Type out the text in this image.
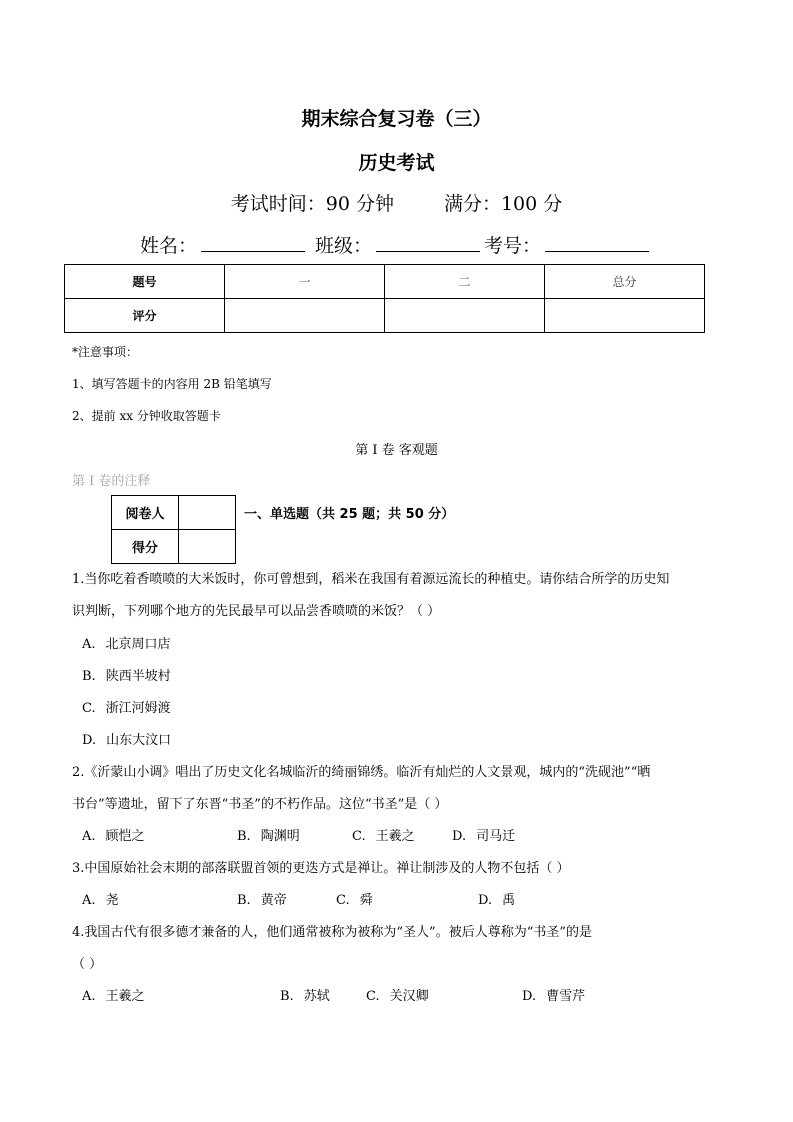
期末综合复习卷（三）
历史考试
考试时间：90 分钟	满分：100 分
姓名：	班级：	考号：
题号	一	二	总分
评分			
*注意事项：
1、填写答题卡的内容用 2B 铅笔填写
2、提前 xx 分钟收取答题卡
第 I 卷 客观题
第 I 卷的注释
阅卷人	
得分	
一、单选题（共 25 题；共 50 分）
1.当你吃着香喷喷的大米饭时，你可曾想到，稻米在我国有着源远流长的种植史。请你结合所学的历史知
识判断，下列哪个地方的先民最早可以品尝香喷喷的米饭？（ ）
A. 北京周口店
B. 陕西半坡村
C. 浙江河姆渡
D. 山东大汶口
2.《沂蒙山小调》唱出了历史文化名城临沂的绮丽锦绣。临沂有灿烂的人文景观，城内的“洗砚池”“晒
书台”等遗址，留下了东晋“书圣”的不朽作品。这位“书圣”是（ ）
A. 顾恺之	B. 陶渊明	C. 王羲之	D. 司马迁
3.中国原始社会末期的部落联盟首领的更迭方式是禅让。禅让制涉及的人物不包括（ ）
A. 尧	B. 黄帝	C. 舜	D. 禹
4.我国古代有很多德才兼备的人，他们通常被称为被称为“圣人”。被后人尊称为“书圣”的是
（ ）
A. 王羲之	B. 苏轼	C. 关汉卿	D. 曹雪芹
